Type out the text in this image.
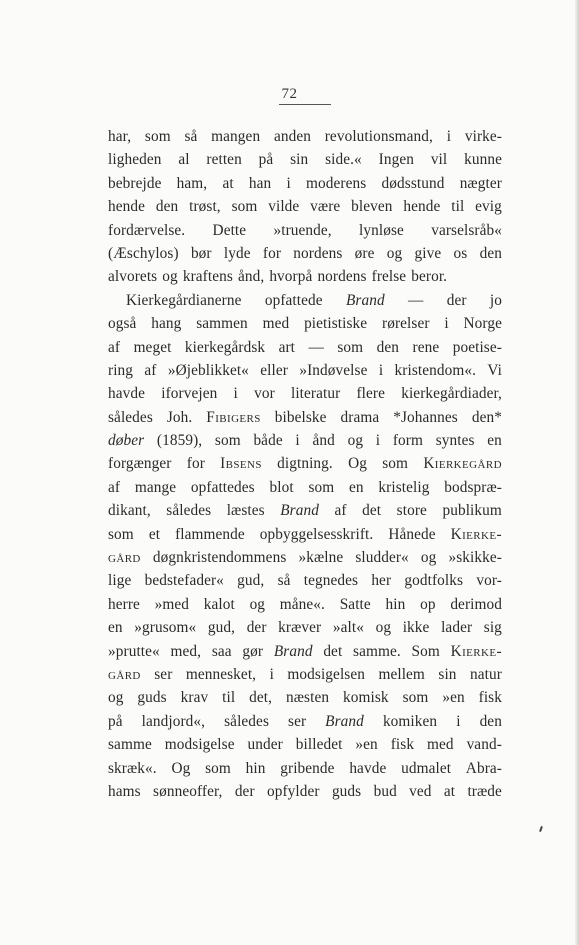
72
har, som så mangen anden revolutionsmand, i virke-
ligheden al retten på sin side.« Ingen vil kunne
bebrejde ham, at han i moderens dødsstund nægter
hende den trøst, som vilde være bleven hende til evig
fordærvelse. Dette »truende, lynløse varselsråb«
(Æschylos) bør lyde for nordens øre og give os den
alvorets og kraftens ånd, hvorpå nordens frelse beror.
Kierkegårdianerne opfattede Brand — der jo
også hang sammen med pietistiske rørelser i Norge
af meget kierkegårdsk art — som den rene poetise-
ring af »Øjeblikket« eller »Indøvelse i kristendom«. Vi
havde iforvejen i vor literatur flere kierkegårdiader,
således Joh. Fibigers bibelske drama *Johannes den*
døber (1859), som både i ånd og i form syntes en
forgænger for Ibsens digtning. Og som Kierkegård
af mange opfattedes blot som en kristelig bodspræ-
dikant, således læstes Brand af det store publikum
som et flammende opbyggelsesskrift. Hånede Kierke-
gård døgnkristendommens »kælne sludder« og »skikke-
lige bedstefader« gud, så tegnedes her godtfolks vor-
herre »med kalot og måne«. Satte hin op derimod
en »grusom« gud, der kræver »alt« og ikke lader sig
»prutte« med, saa gør Brand det samme. Som Kierke-
gård ser mennesket, i modsigelsen mellem sin natur
og guds krav til det, næsten komisk som »en fisk
på landjord«, således ser Brand komiken i den
samme modsigelse under billedet »en fisk med vand-
skræk«. Og som hin gribende havde udmalet Abra-
hams sønneoffer, der opfylder guds bud ved at træde
